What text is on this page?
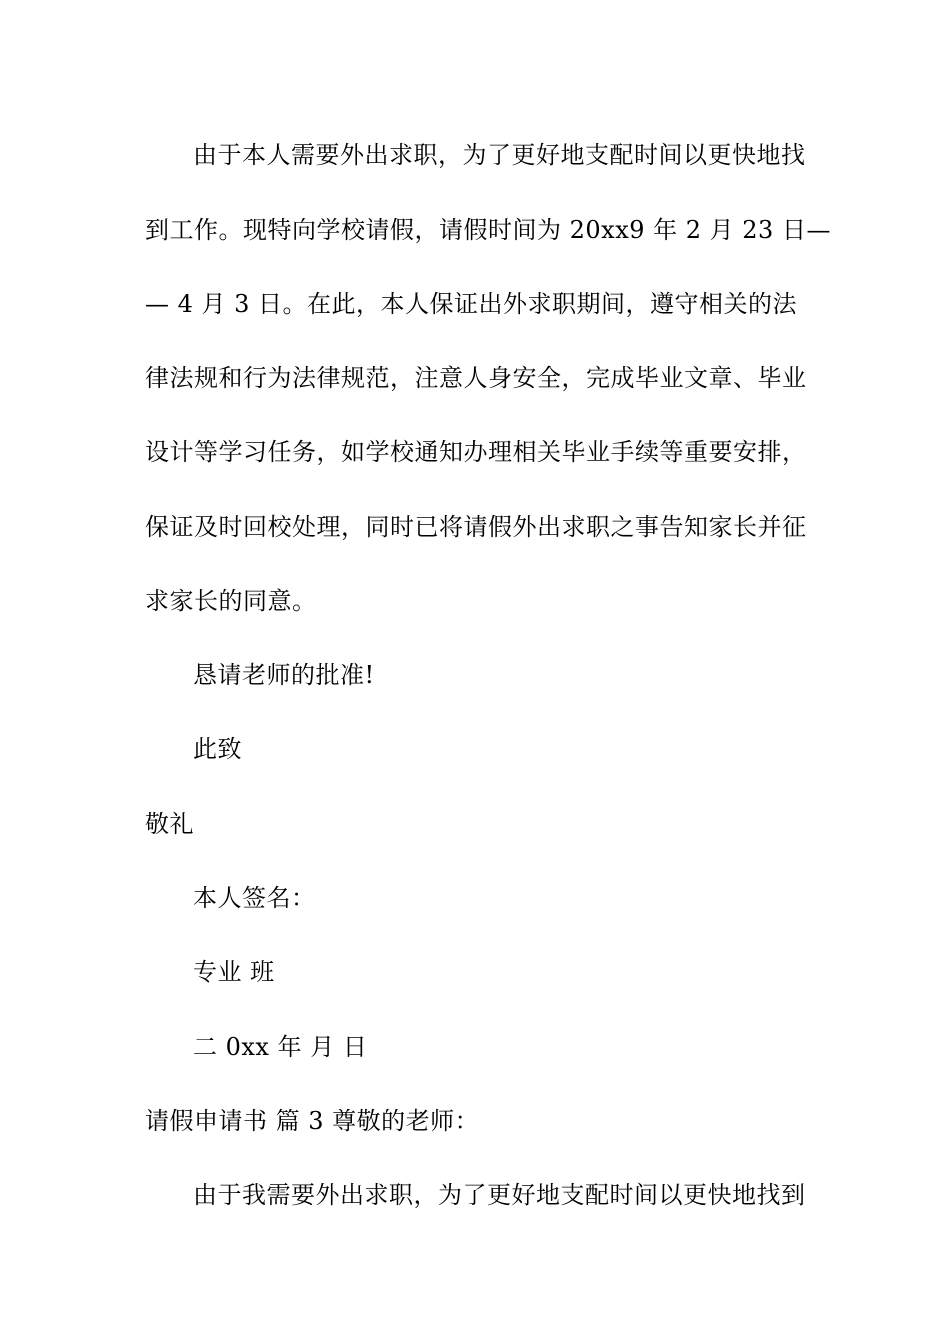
由于本人需要外出求职，为了更好地支配时间以更快地找
到工作。现特向学校请假，请假时间为 20xx9 年 2 月 23 日—
— 4 月 3 日。在此，本人保证出外求职期间，遵守相关的法
律法规和行为法律规范，注意人身安全，完成毕业文章、毕业
设计等学习任务，如学校通知办理相关毕业手续等重要安排，
保证及时回校处理，同时已将请假外出求职之事告知家长并征
求家长的同意。
恳请老师的批准!
此致
敬礼
本人签名：
专业 班
二 0xx 年 月 日
请假申请书 篇 3 尊敬的老师：
由于我需要外出求职，为了更好地支配时间以更快地找到
